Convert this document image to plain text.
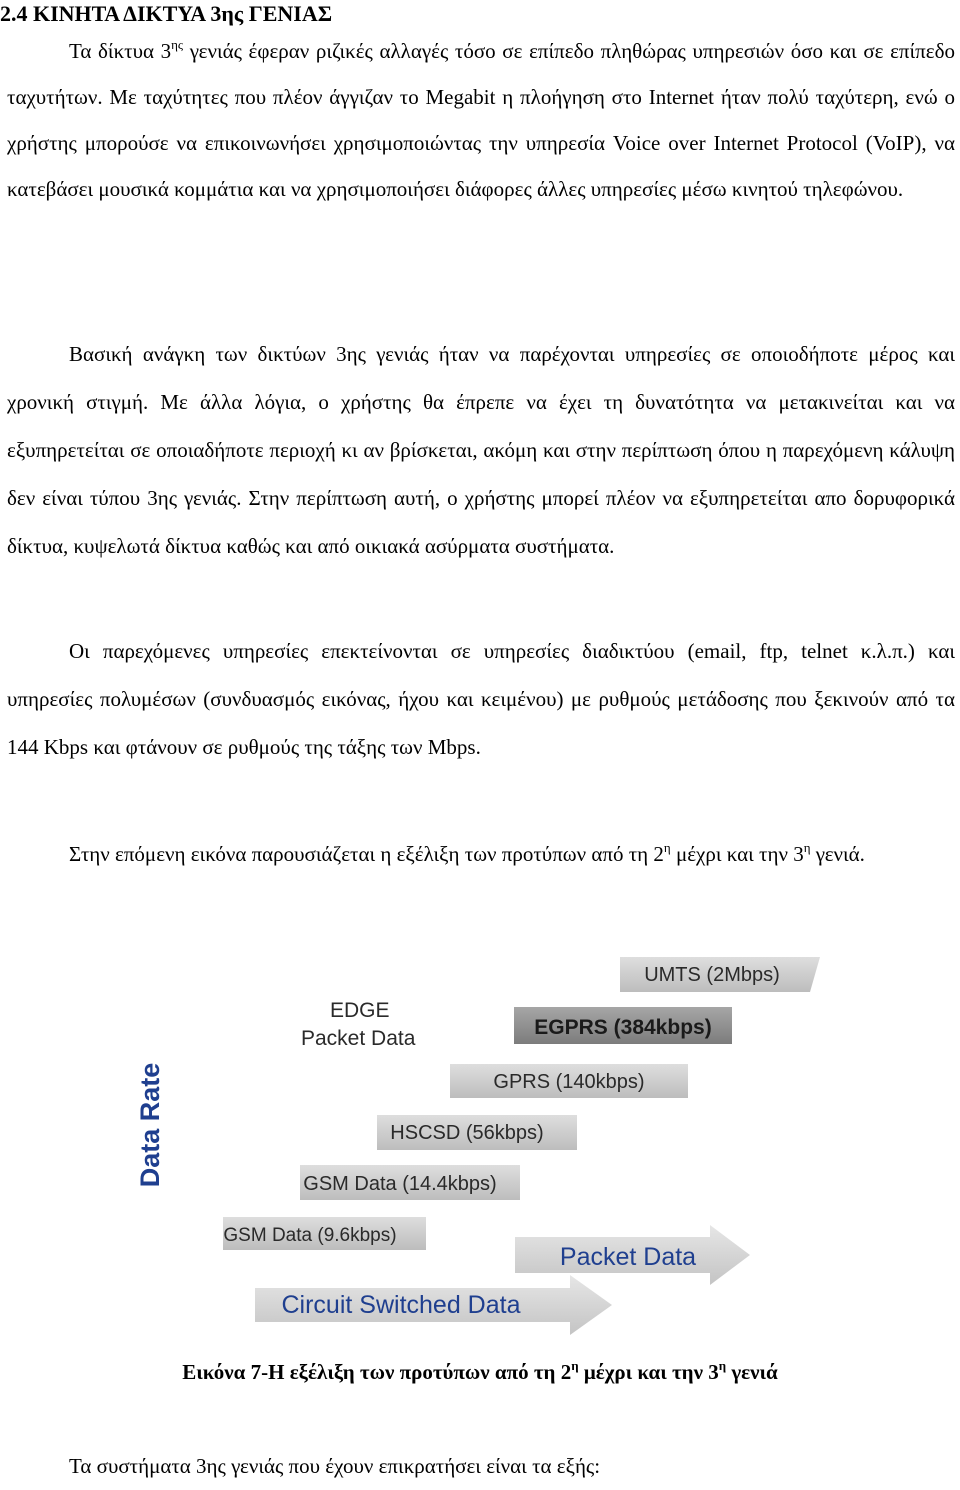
2.4 ΚΙΝΗΤΑ ΔΙΚΤΥΑ 3ης ΓΕΝΙΑΣ

Τα δίκτυα $3^{\eta\varsigma}$ γενιάς έφεραν ριζικές αλλαγές τόσο σε επίπεδο πληθώρας υπηρεσιών όσο και σε επίπεδο ταχυτήτων. Με ταχύτητες που πλέον άγγιζαν το Megabit η πλοήγηση στο Internet ήταν πολύ ταχύτερη, ενώ ο χρήστης μπορούσε να επικοινωνήσει χρησιμοποιώντας την υπηρεσία Voice over Internet Protocol (VoIP), να κατεβάσει μουσικά κομμάτια και να χρησιμοποιήσει διάφορες άλλες υπηρεσίες μέσω κινητού τηλεφώνου.

Βασική ανάγκη των δικτύων 3ης γενιάς ήταν να παρέχονται υπηρεσίες σε οποιοδήποτε μέρος και χρονική στιγμή. Με άλλα λόγια, ο χρήστης θα έπρεπε να έχει τη δυνατότητα να μετακινείται και να εξυπηρετείται σε οποιαδήποτε περιοχή κι αν βρίσκεται, ακόμη και στην περίπτωση όπου η παρεχόμενη κάλυψη δεν είναι τύπου 3ης γενιάς. Στην περίπτωση αυτή, ο χρήστης μπορεί πλέον να εξυπηρετείται απο δορυφορικά δίκτυα, κυψελωτά δίκτυα καθώς και από οικιακά ασύρματα συστήματα.

Οι παρεχόμενες υπηρεσίες επεκτείνονται σε υπηρεσίες διαδικτύου (email, ftp, telnet κ.λ.π.) και υπηρεσίες πολυμέσων (συνδυασμός εικόνας, ήχου και κειμένου) με ρυθμούς μετάδοσης που ξεκινούν από τα 144 Kbps και φτάνουν σε ρυθμούς της τάξης των Mbps.

Στην επόμενη εικόνα παρουσιάζεται η εξέλιξη των προτύπων από τη $2^\eta$ μέχρι και την $3^\eta$ γενιά.

Data Rate
EDGE
Packet Data
UMTS (2Mbps)
EGPRS (384kbps)
GPRS (140kbps)
HSCSD (56kbps)
GSM Data (14.4kbps)
GSM Data (9.6kbps)
Packet Data
Circuit Switched Data
Εικόνα 7-Η εξέλιξη των προτύπων από τη $2^\eta$ μέχρι και την $3^\eta$ γενιά

Τα συστήματα 3ης γενιάς που έχουν επικρατήσει είναι τα εξής:
